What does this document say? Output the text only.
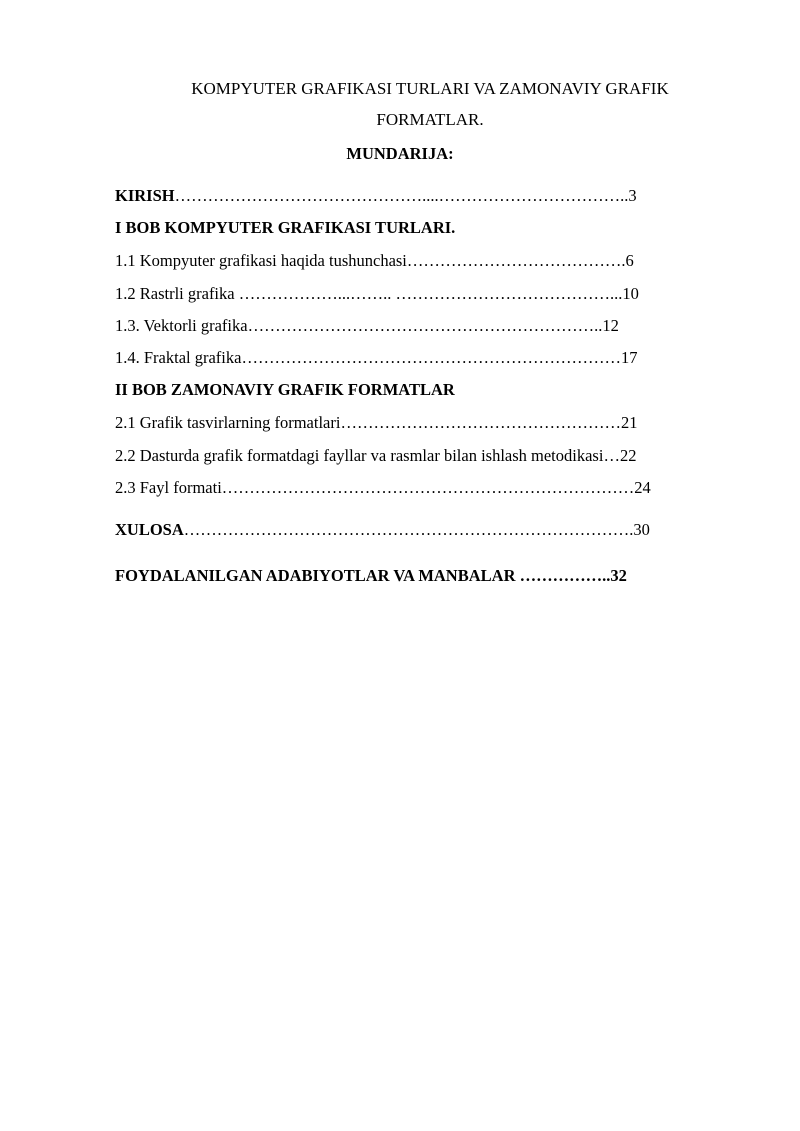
KOMPYUTER GRAFIKASI TURLARI VA ZAMONAVIY GRAFIK
FORMATLAR.
MUNDARIJA:
KIRISH………………………………………....……………………………..3
I BOB KOMPYUTER GRAFIKASI TURLARI.
1.1 Kompyuter grafikasi haqida tushunchasi………………………………….6
1.2 Rastrli grafika ………………...…….. …………………………………...10
1.3. Vektorli grafika………………………………………………………..12
1.4. Fraktal grafika……………………………………………………………17
II BOB ZAMONAVIY GRAFIK FORMATLAR
2.1 Grafik tasvirlarning formatlari……………………………………………21
2.2 Dasturda grafik formatdagi fayllar va rasmlar bilan ishlash metodikasi…22
2.3 Fayl formati…………………………………………………………………24
XULOSA……………………………………………………………………….30
FOYDALANILGAN ADABIYOTLAR VA MANBALAR ……………..32
